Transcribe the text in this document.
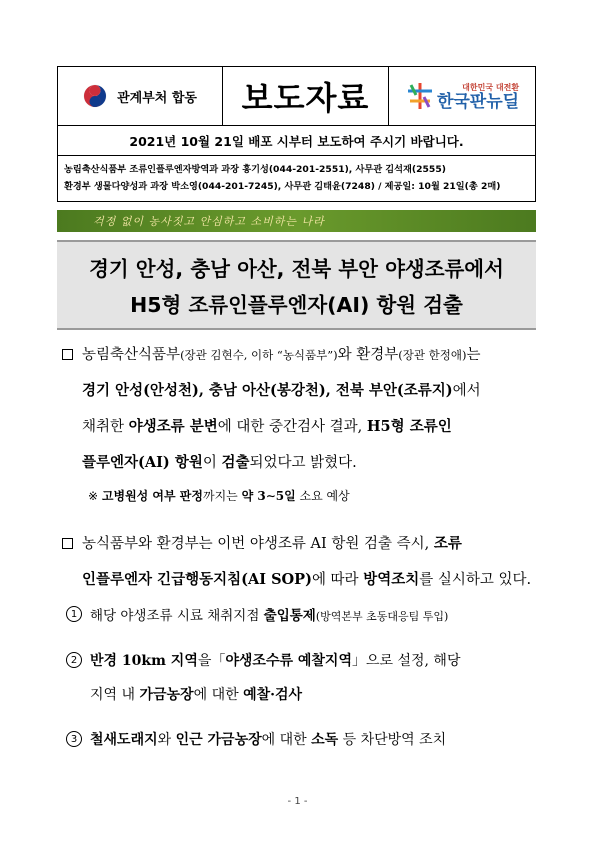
관계부처 합동 보도자료	대한민국 대전환
한국판뉴딜
2021년 10월 21일 배포 시부터 보도하여 주시기 바랍니다.
농림축산식품부 조류인플루엔자방역과 과장 홍기성(044-201-2551), 사무관 김석재(2555)
환경부 생물다양성과 과장 박소영(044-201-7245), 사무관 김태윤(7248) / 제공일: 10월 21일(총 2매)
걱정 없이 농사짓고 안심하고 소비하는 나라
경기 안성, 충남 아산, 전북 부안 야생조류에서
H5형 조류인플루엔자(AI) 항원 검출
농림축산식품부(장관 김현수, 이하 “농식품부”)와 환경부(장관 한정애)는
경기 안성(안성천), 충남 아산(봉강천), 전북 부안(조류지)에서
채취한 야생조류 분변에 대한 중간검사 결과, H5형 조류인
플루엔자(AI) 항원이 검출되었다고 밝혔다.
※ 고병원성 여부 판정까지는 약 3∼5일 소요 예상
농식품부와 환경부는 이번 야생조류 AI 항원 검출 즉시, 조류
인플루엔자 긴급행동지침(AI SOP)에 따라 방역조치를 실시하고 있다.
1 해당 야생조류 시료 채취지점 출입통제(방역본부 초동대응팀 투입)
2 반경 10km 지역을「야생조수류 예찰지역」으로 설정, 해당
지역 내 가금농장에 대한 예찰·검사
3 철새도래지와 인근 가금농장에 대한 소독 등 차단방역 조치
- 1 -
